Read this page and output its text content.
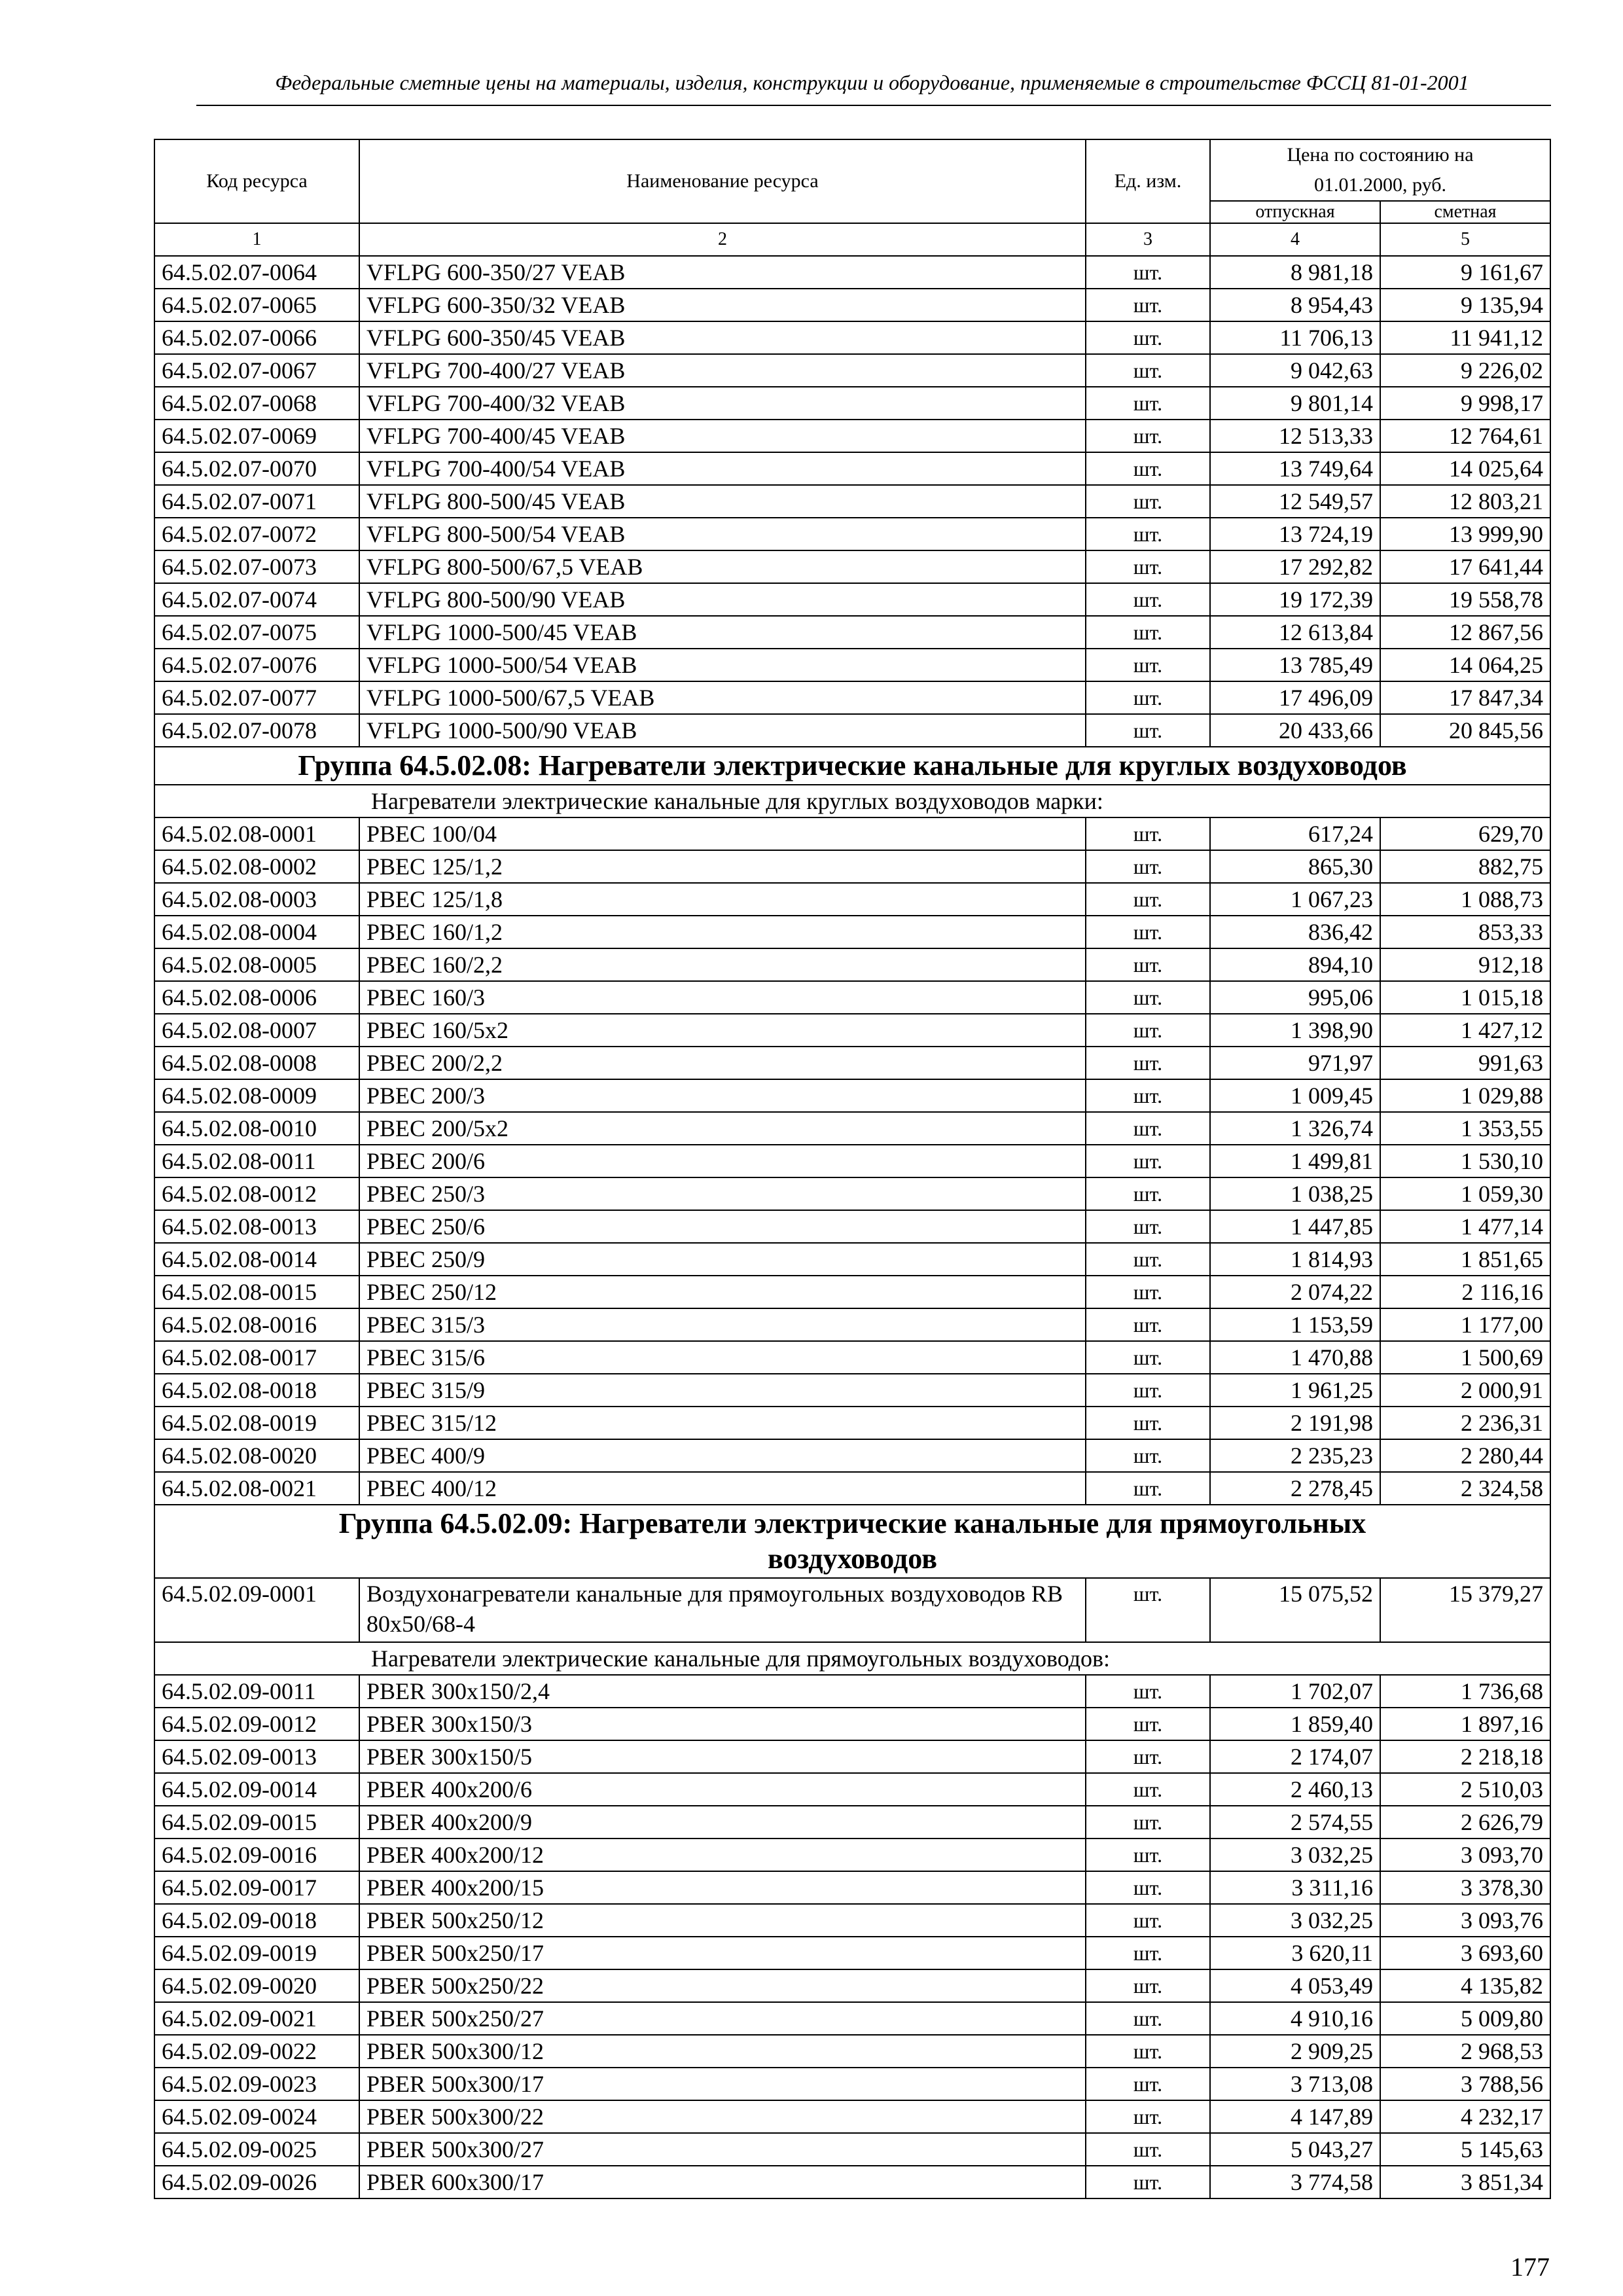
Федеральные сметные цены на материалы, изделия, конструкции и оборудование, применяемые в строительстве ФССЦ 81-01-2001
Код ресурса	Наименование ресурса	Ед. изм.	Цена по состоянию на 01.01.2000, руб.	
			отпускная	сметная
1	2	3	4	5
64.5.02.07-0064	VFLPG 600-350/27 VEAB	шт.	8 981,18	9 161,67
64.5.02.07-0065	VFLPG 600-350/32 VEAB	шт.	8 954,43	9 135,94
64.5.02.07-0066	VFLPG 600-350/45 VEAB	шт.	11 706,13	11 941,12
64.5.02.07-0067	VFLPG 700-400/27 VEAB	шт.	9 042,63	9 226,02
64.5.02.07-0068	VFLPG 700-400/32 VEAB	шт.	9 801,14	9 998,17
64.5.02.07-0069	VFLPG 700-400/45 VEAB	шт.	12 513,33	12 764,61
64.5.02.07-0070	VFLPG 700-400/54 VEAB	шт.	13 749,64	14 025,64
64.5.02.07-0071	VFLPG 800-500/45 VEAB	шт.	12 549,57	12 803,21
64.5.02.07-0072	VFLPG 800-500/54 VEAB	шт.	13 724,19	13 999,90
64.5.02.07-0073	VFLPG 800-500/67,5 VEAB	шт.	17 292,82	17 641,44
64.5.02.07-0074	VFLPG 800-500/90 VEAB	шт.	19 172,39	19 558,78
64.5.02.07-0075	VFLPG 1000-500/45 VEAB	шт.	12 613,84	12 867,56
64.5.02.07-0076	VFLPG 1000-500/54 VEAB	шт.	13 785,49	14 064,25
64.5.02.07-0077	VFLPG 1000-500/67,5 VEAB	шт.	17 496,09	17 847,34
64.5.02.07-0078	VFLPG 1000-500/90 VEAB	шт.	20 433,66	20 845,56
Группа 64.5.02.08: Нагреватели электрические канальные для круглых воздуховодов				
Нагреватели электрические канальные для круглых воздуховодов марки:				
64.5.02.08-0001	PBEC 100/04	шт.	617,24	629,70
64.5.02.08-0002	PBEC 125/1,2	шт.	865,30	882,75
64.5.02.08-0003	PBEC 125/1,8	шт.	1 067,23	1 088,73
64.5.02.08-0004	PBEC 160/1,2	шт.	836,42	853,33
64.5.02.08-0005	PBEC 160/2,2	шт.	894,10	912,18
64.5.02.08-0006	PBEC 160/3	шт.	995,06	1 015,18
64.5.02.08-0007	PBEC 160/5x2	шт.	1 398,90	1 427,12
64.5.02.08-0008	PBEC 200/2,2	шт.	971,97	991,63
64.5.02.08-0009	PBEC 200/3	шт.	1 009,45	1 029,88
64.5.02.08-0010	PBEC 200/5x2	шт.	1 326,74	1 353,55
64.5.02.08-0011	PBEC 200/6	шт.	1 499,81	1 530,10
64.5.02.08-0012	PBEC 250/3	шт.	1 038,25	1 059,30
64.5.02.08-0013	PBEC 250/6	шт.	1 447,85	1 477,14
64.5.02.08-0014	PBEC 250/9	шт.	1 814,93	1 851,65
64.5.02.08-0015	PBEC 250/12	шт.	2 074,22	2 116,16
64.5.02.08-0016	PBEC 315/3	шт.	1 153,59	1 177,00
64.5.02.08-0017	PBEC 315/6	шт.	1 470,88	1 500,69
64.5.02.08-0018	PBEC 315/9	шт.	1 961,25	2 000,91
64.5.02.08-0019	PBEC 315/12	шт.	2 191,98	2 236,31
64.5.02.08-0020	PBEC 400/9	шт.	2 235,23	2 280,44
64.5.02.08-0021	PBEC 400/12	шт.	2 278,45	2 324,58
Группа 64.5.02.09: Нагреватели электрические канальные для прямоугольных воздуховодов				
64.5.02.09-0001	Воздухонагреватели канальные для прямоугольных воздуховодов RB 80x50/68-4	шт.	15 075,52	15 379,27
Нагреватели электрические канальные для прямоугольных воздуховодов:				
64.5.02.09-0011	PBER 300x150/2,4	шт.	1 702,07	1 736,68
64.5.02.09-0012	PBER 300x150/3	шт.	1 859,40	1 897,16
64.5.02.09-0013	PBER 300x150/5	шт.	2 174,07	2 218,18
64.5.02.09-0014	PBER 400x200/6	шт.	2 460,13	2 510,03
64.5.02.09-0015	PBER 400x200/9	шт.	2 574,55	2 626,79
64.5.02.09-0016	PBER 400x200/12	шт.	3 032,25	3 093,70
64.5.02.09-0017	PBER 400x200/15	шт.	3 311,16	3 378,30
64.5.02.09-0018	PBER 500x250/12	шт.	3 032,25	3 093,76
64.5.02.09-0019	PBER 500x250/17	шт.	3 620,11	3 693,60
64.5.02.09-0020	PBER 500x250/22	шт.	4 053,49	4 135,82
64.5.02.09-0021	PBER 500x250/27	шт.	4 910,16	5 009,80
64.5.02.09-0022	PBER 500x300/12	шт.	2 909,25	2 968,53
64.5.02.09-0023	PBER 500x300/17	шт.	3 713,08	3 788,56
64.5.02.09-0024	PBER 500x300/22	шт.	4 147,89	4 232,17
64.5.02.09-0025	PBER 500x300/27	шт.	5 043,27	5 145,63
64.5.02.09-0026	PBER 600x300/17	шт.	3 774,58	3 851,34
177
